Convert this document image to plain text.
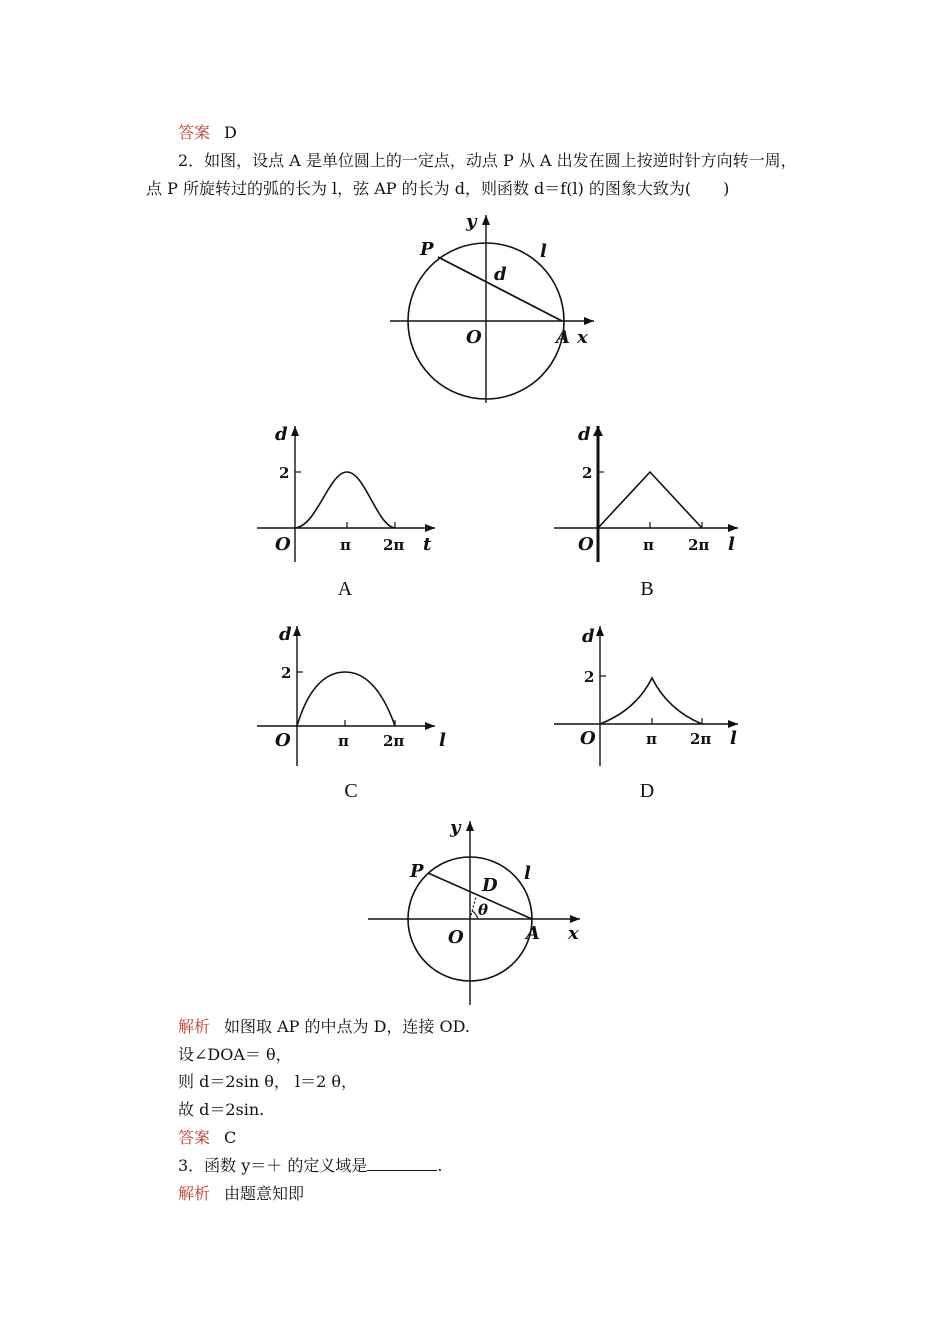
答案 D
2．如图，设点 A 是单位圆上的一定点，动点 P 从 A 出发在圆上按逆时针方向转一周，
点 P 所旋转过的弧的长为 l，弦 AP 的长为 d，则函数 d＝f(l) 的图象大致为(　　)
y
P
d
l
O	A x
d
2
O	π 2π t
A
d
2
O	π 2π l
B
d
2
O	π 2π l
C
d
2
O	π 2π l
D
y
P
D
l
θ
O	A x
解析 如图取 AP 的中点为 D，连接 OD.
设∠DOA＝ θ，
则 d＝2sin θ， l＝2 θ，
故 d＝2sin.
答案 C
3．函数 y＝＋ 的定义域是	.
解析 由题意知即
